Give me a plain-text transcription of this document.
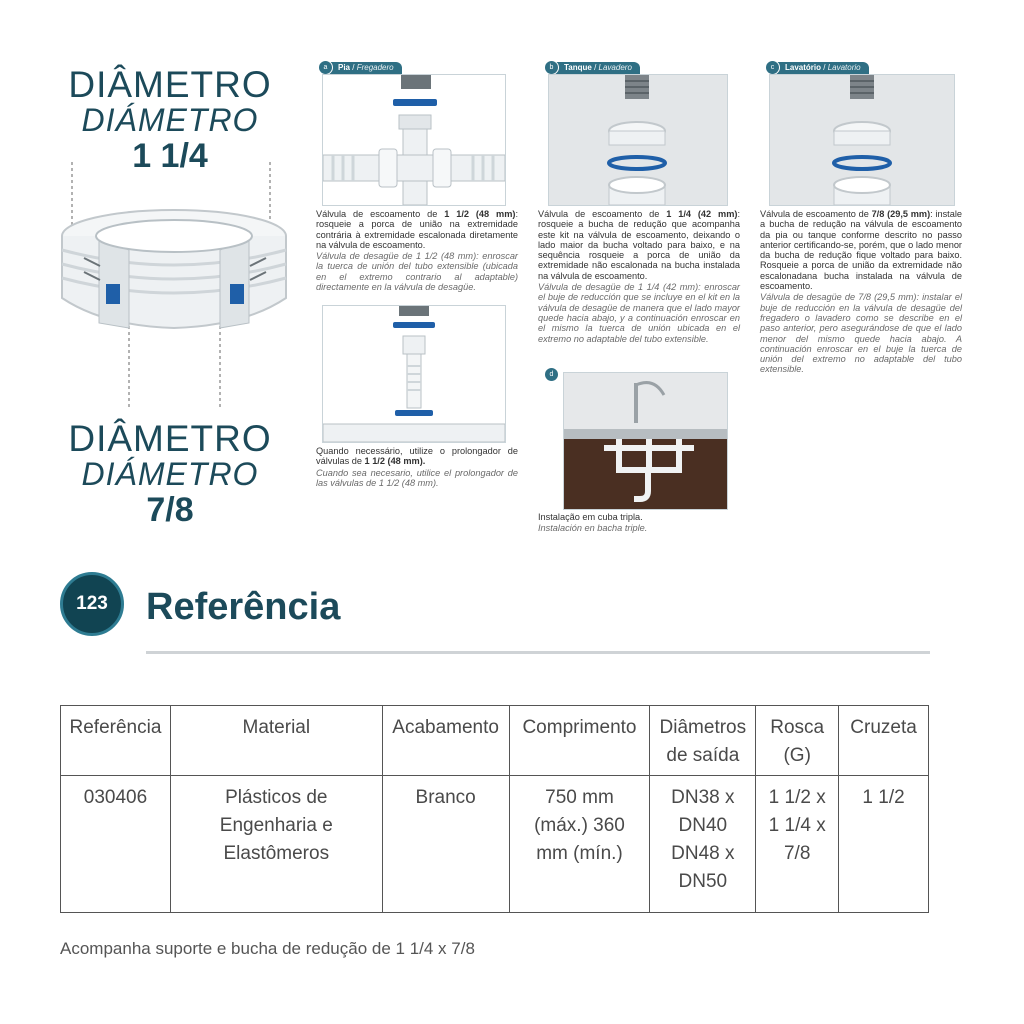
DIÂMETRO
DIÁMETRO
1 1/4
DIÂMETRO
DIÁMETRO
7/8
Pia / Fregadero
a
Válvula de escoamento de 1 1/2 (48 mm): rosqueie a porca de união na extremidade contrária à extremidade escalonada diretamente na válvula de escoamento.
Válvula de desagüe de 1 1/2 (48 mm): enroscar la tuerca de unión del tubo extensible (ubicada en el extremo contrario al adaptable) directamente en la válvula de desagüe.
Quando necessário, utilize o prolongador de válvulas de 1 1/2 (48 mm).
Cuando sea necesario, utilice el prolongador de las válvulas de 1 1/2 (48 mm).
Tanque / Lavadero
b
Válvula de escoamento de 1 1/4 (42 mm): rosqueie a bucha de redução que acompanha este kit na válvula de escoamento, deixando o lado maior da bucha voltado para baixo, e na sequência rosqueie a porca de união da extremidade não escalonada na bucha instalada na válvula de escoamento.
Válvula de desagüe de 1 1/4 (42 mm): enroscar el buje de reducción que se incluye en el kit en la válvula de desagüe de manera que el lado mayor quede hacia abajo, y a continuación enroscar en el mismo la tuerca de unión ubicada en el extremo no adaptable del tubo extensible.
Lavatório / Lavatorio
c
Válvula de escoamento de 7/8 (29,5 mm): instale a bucha de redução na válvula de escoamento da pia ou tanque conforme descrito no passo anterior certificando-se, porém, que o lado menor da bucha de redução fique voltado para baixo. Rosqueie a porca de união da extremidade não escalonadana bucha instalada na válvula de escoamento.
Válvula de desagüe de 7/8 (29,5 mm): instalar el buje de reducción en la válvula de desagüe del fregadero o lavadero como se describe en el paso anterior, pero asegurándose de que el lado menor del mismo quede hacia abajo. A continuación enroscar en el buje la tuerca de unión del extremo no adaptable del tubo extensible.
d
Instalação em cuba tripla.
Instalación en bacha triple.
123	Referência
Referência	Material	Acabamento	Comprimento	Diâmetros de saída	Rosca (G)	Cruzeta
030406	Plásticos de Engenharia e Elastômeros	Branco	750 mm (máx.) 360 mm (mín.)	DN38 x DN40 DN48 x DN50	1 1/2 x 1 1/4 x 7/8	1 1/2
Acompanha suporte e bucha de redução de 1 1/4 x 7/8
